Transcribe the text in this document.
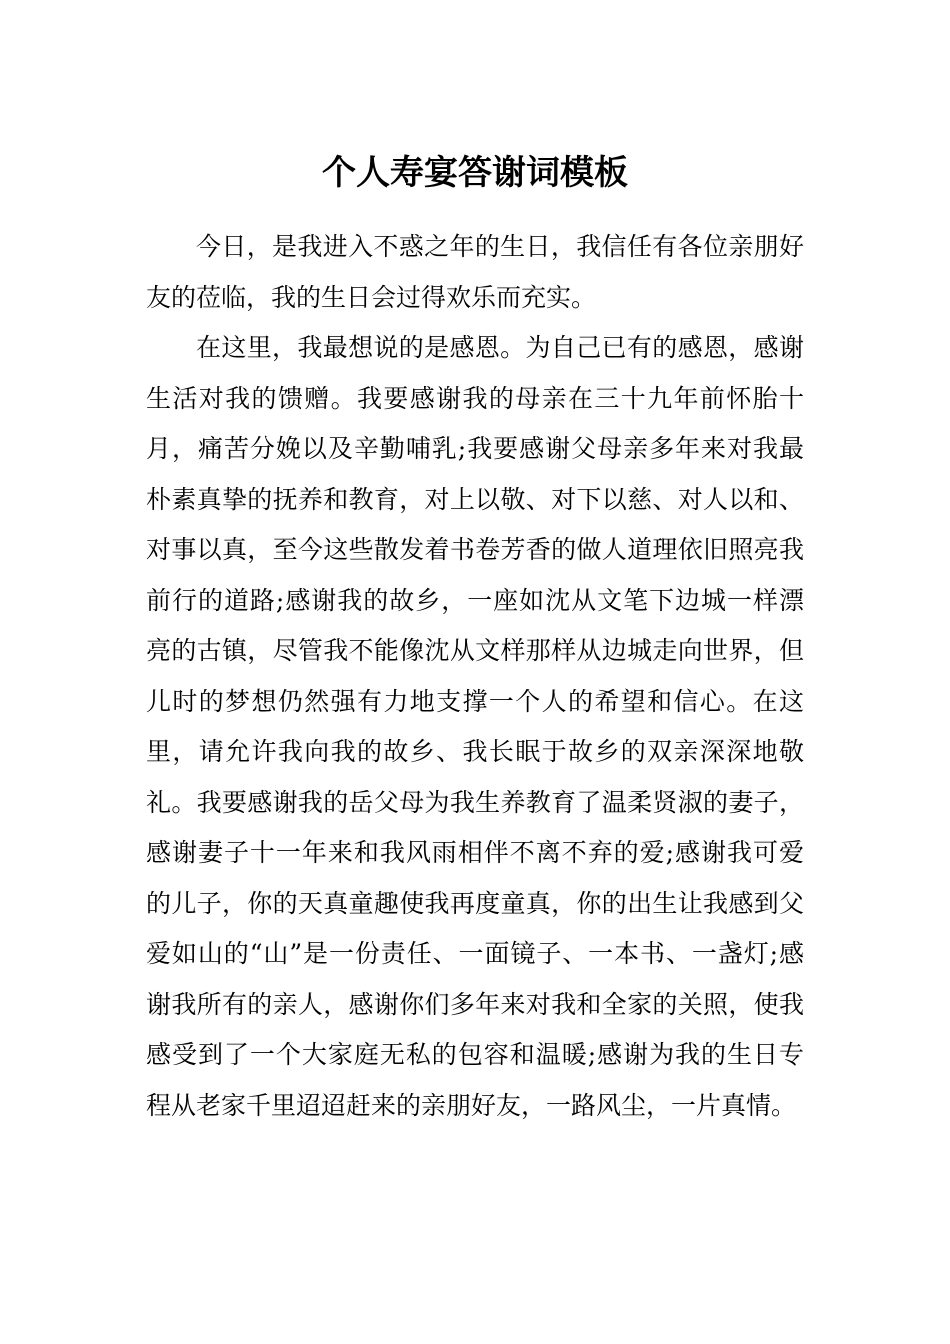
个人寿宴答谢词模板

今日，是我进入不惑之年的生日，我信任有各位亲朋好友的莅临，我的生日会过得欢乐而充实。

在这里，我最想说的是感恩。为自己已有的感恩，感谢生活对我的馈赠。我要感谢我的母亲在三十九年前怀胎十月，痛苦分娩以及辛勤哺乳;我要感谢父母亲多年来对我最朴素真挚的抚养和教育，对上以敬、对下以慈、对人以和、对事以真，至今这些散发着书卷芳香的做人道理依旧照亮我前行的道路;感谢我的故乡，一座如沈从文笔下边城一样漂亮的古镇，尽管我不能像沈从文样那样从边城走向世界，但儿时的梦想仍然强有力地支撑一个人的希望和信心。在这里，请允许我向我的故乡、我长眠于故乡的双亲深深地敬礼。我要感谢我的岳父母为我生养教育了温柔贤淑的妻子，感谢妻子十一年来和我风雨相伴不离不弃的爱;感谢我可爱的儿子，你的天真童趣使我再度童真，你的出生让我感到父爱如山的“山”是一份责任、一面镜子、一本书、一盏灯;感谢我所有的亲人，感谢你们多年来对我和全家的关照，使我感受到了一个大家庭无私的包容和温暖;感谢为我的生日专程从老家千里迢迢赶来的亲朋好友，一路风尘，一片真情。
